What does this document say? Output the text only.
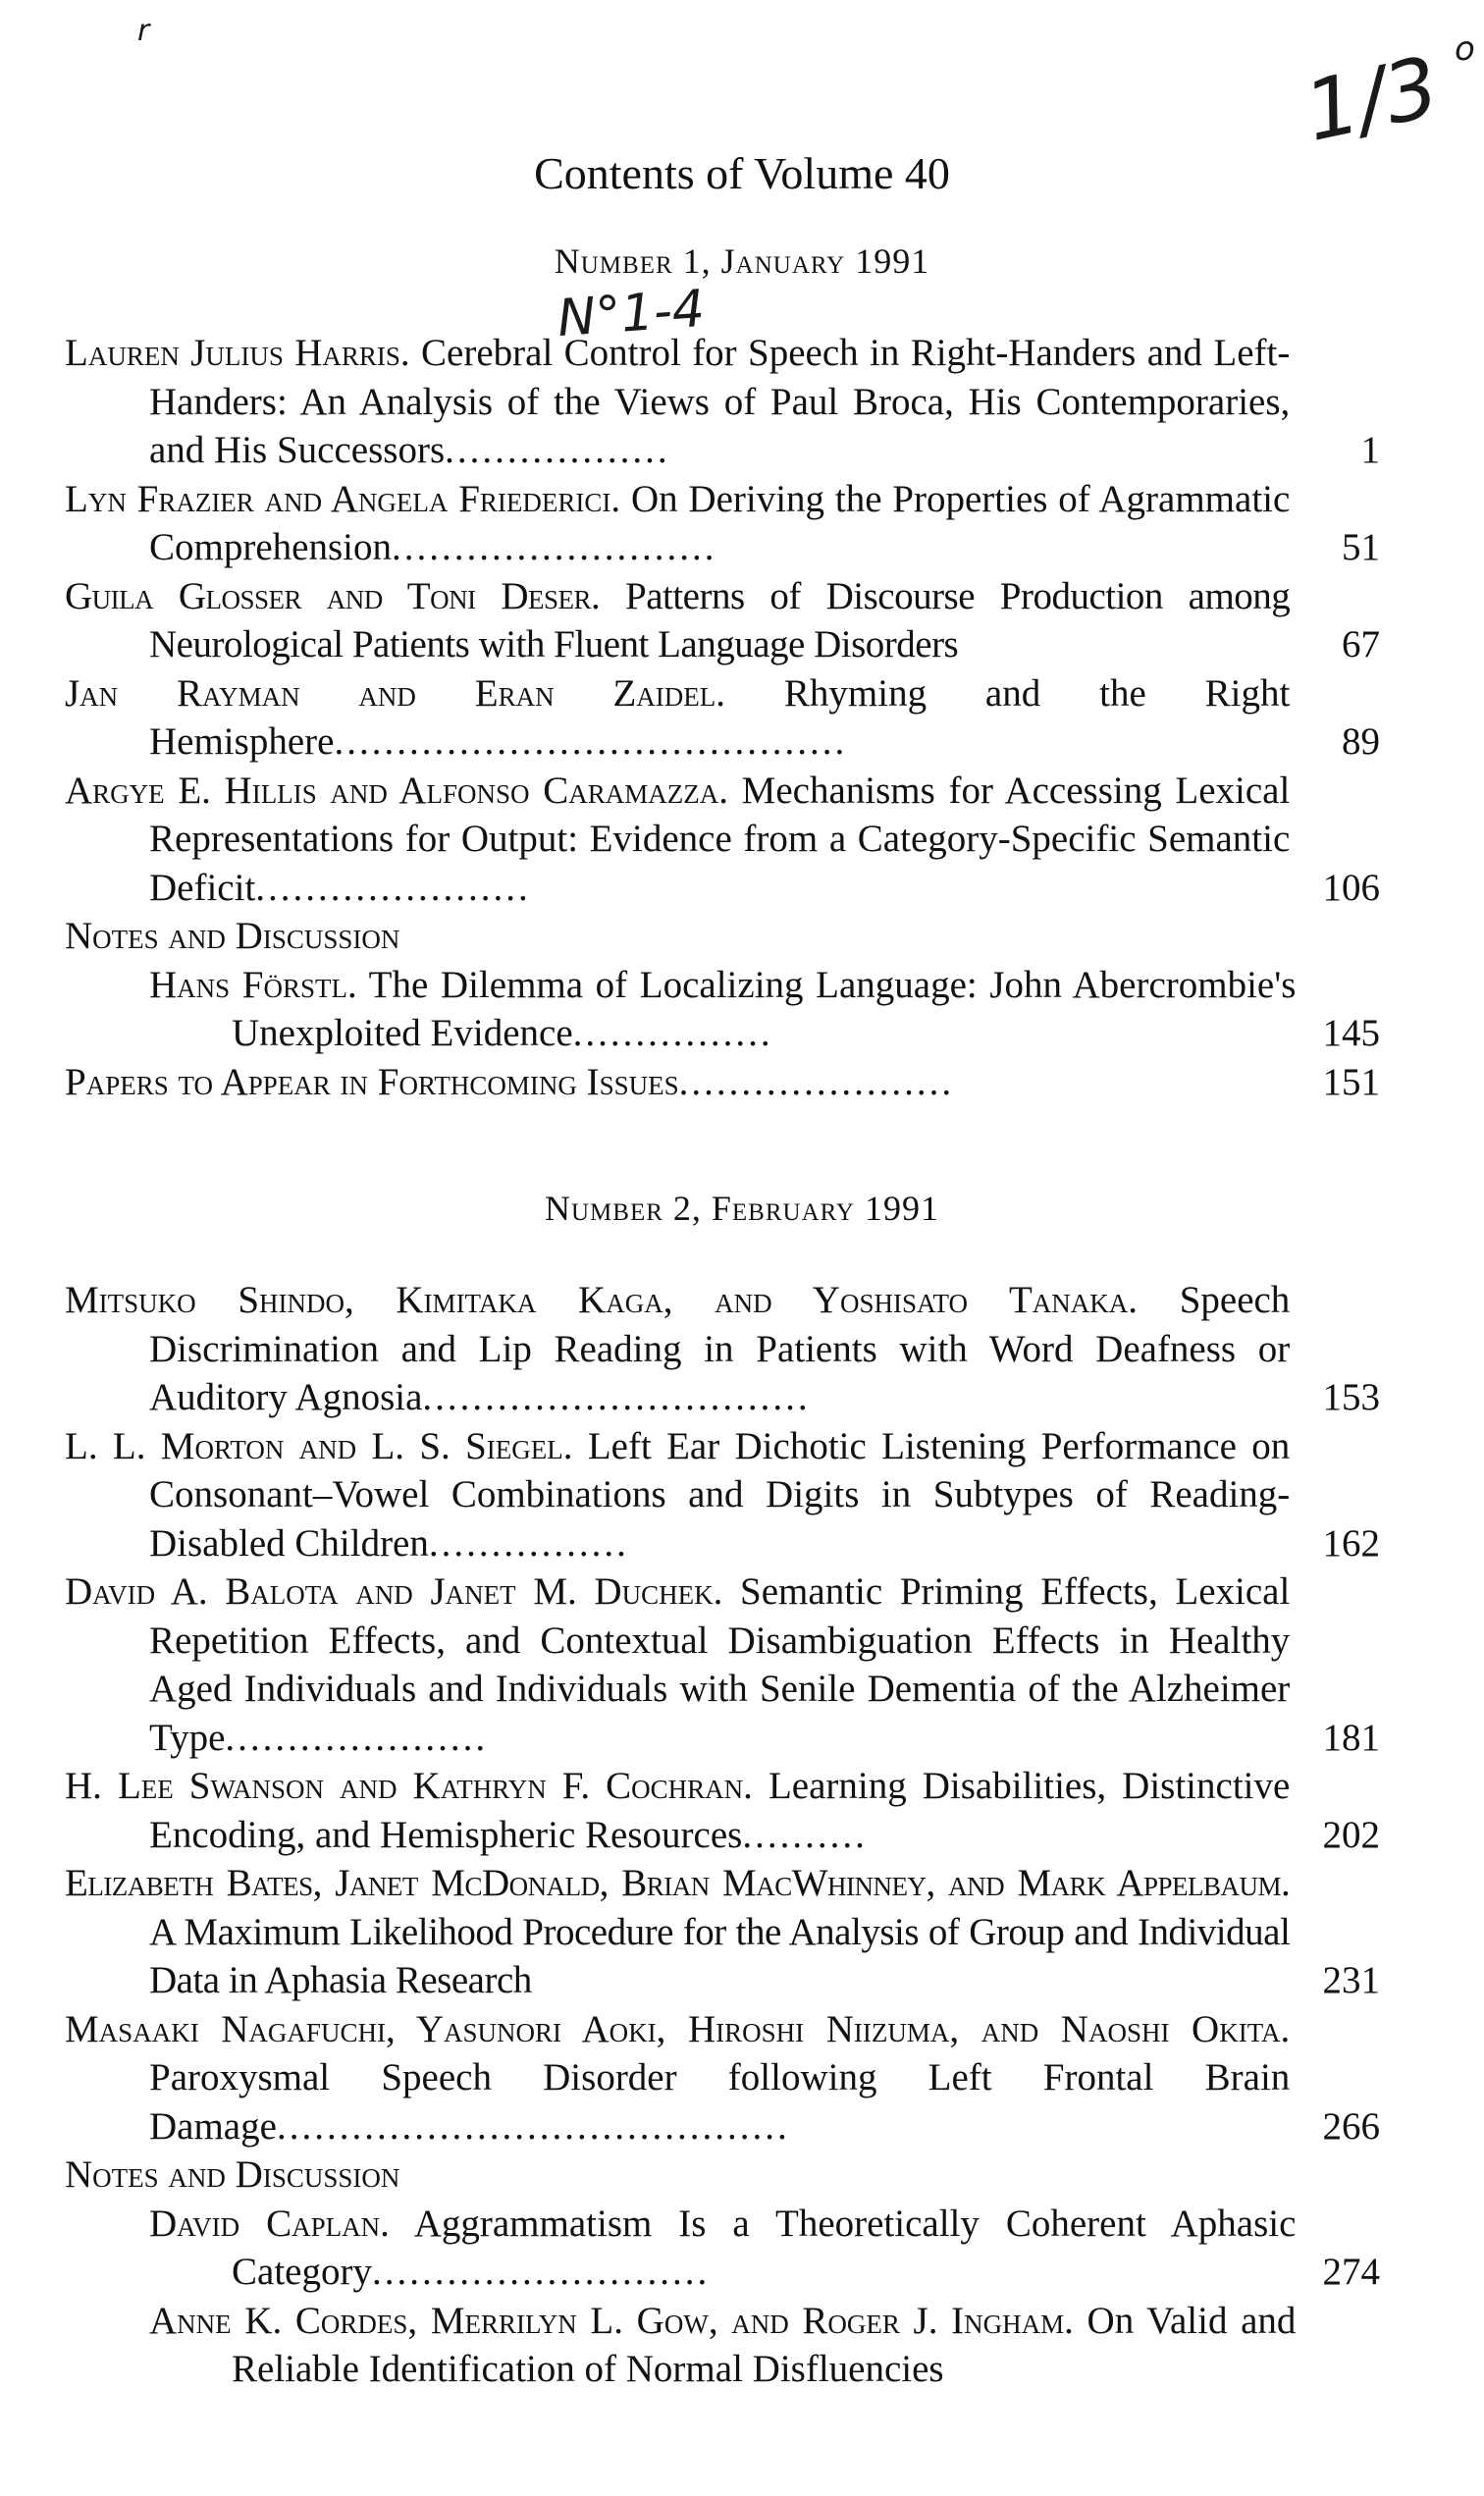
1/3 o
r
N°1-4
Contents of Volume 40
Number 1, January 1991
Lauren Julius Harris. Cerebral Control for Speech in Right-Handers and Left-Handers: An Analysis of the Views of Paul Broca, His Contemporaries, and His Successors..................	1
Lyn Frazier and Angela Friederici. On Deriving the Properties of Agrammatic Comprehension..........................	51
Guila Glosser and Toni Deser. Patterns of Discourse Production among Neurological Patients with Fluent Language Disorders	67
Jan Rayman and Eran Zaidel. Rhyming and the Right Hemisphere.........................................	89
Argye E. Hillis and Alfonso Caramazza. Mechanisms for Accessing Lexical Representations for Output: Evidence from a Category-Specific Semantic Deficit......................	106
Notes and Discussion
Hans Förstl. The Dilemma of Localizing Language: John Abercrombie's Unexploited Evidence................	145
Papers to Appear in Forthcoming Issues......................	151
Number 2, February 1991
Mitsuko Shindo, Kimitaka Kaga, and Yoshisato Tanaka. Speech Discrimination and Lip Reading in Patients with Word Deafness or Auditory Agnosia...............................	153
L. L. Morton and L. S. Siegel. Left Ear Dichotic Listening Performance on Consonant–Vowel Combinations and Digits in Subtypes of Reading-Disabled Children................	162
David A. Balota and Janet M. Duchek. Semantic Priming Effects, Lexical Repetition Effects, and Contextual Disambiguation Effects in Healthy Aged Individuals and Individuals with Senile Dementia of the Alzheimer Type.....................	181
H. Lee Swanson and Kathryn F. Cochran. Learning Disabilities, Distinctive Encoding, and Hemispheric Resources..........	202
Elizabeth Bates, Janet McDonald, Brian MacWhinney, and Mark Appelbaum. A Maximum Likelihood Procedure for the Analysis of Group and Individual Data in Aphasia Research	231
Masaaki Nagafuchi, Yasunori Aoki, Hiroshi Niizuma, and Naoshi Okita. Paroxysmal Speech Disorder following Left Frontal Brain Damage.........................................	266
Notes and Discussion
David Caplan. Aggrammatism Is a Theoretically Coherent Aphasic Category...........................	274
Anne K. Cordes, Merrilyn L. Gow, and Roger J. Ingham. On Valid and Reliable Identification of Normal Disfluencies
